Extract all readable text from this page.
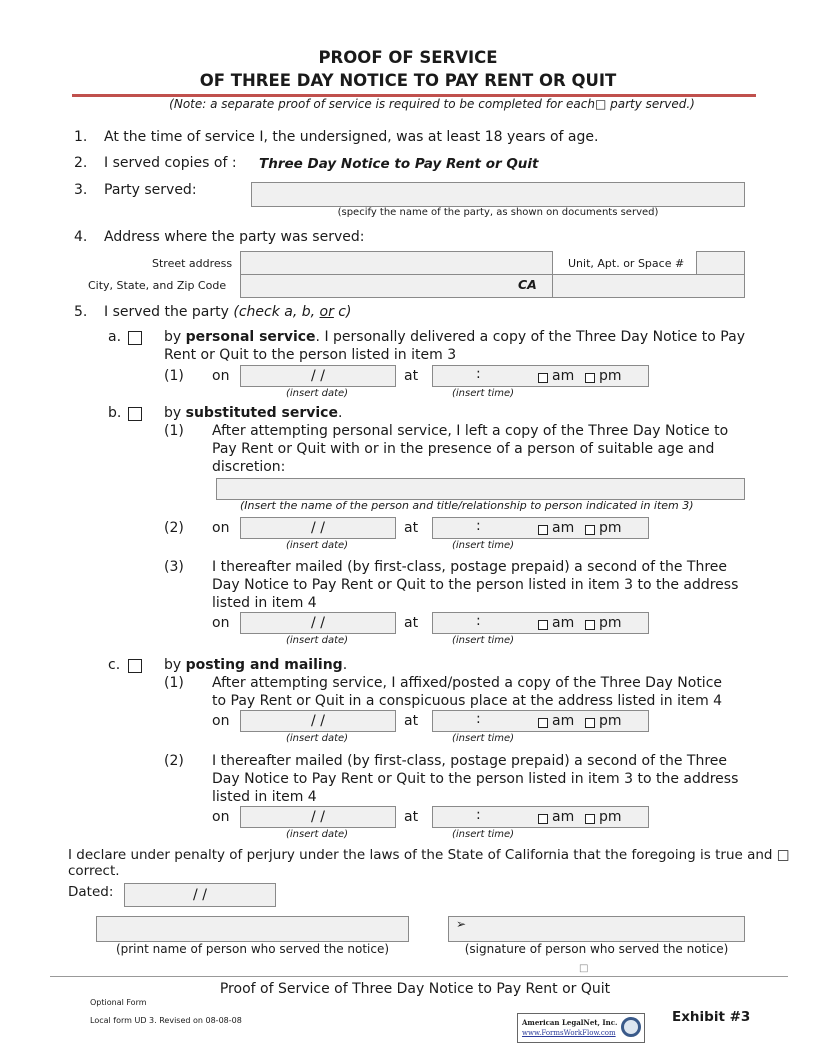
PROOF OF SERVICE
OF THREE DAY NOTICE TO PAY RENT OR QUIT
(Note: a separate proof of service is required to be completed for each□ party served.)
1. At the time of service I, the undersigned, was at least 18 years of age.
2. I served copies of : Three Day Notice to Pay Rent or Quit
3. Party served:
(specify the name of the party, as shown on documents served)
4. Address where the party was served:
Street address	Unit, Apt. or Space #
City, State, and Zip Code	CA
5. I served the party (check a, b, or c)
a.	by personal service. I personally delivered a copy of the Three Day Notice to Pay
Rent or Quit to the person listed in item 3
(1) on	/ /	at	:	am pm
(insert date)	(insert time)
b.	by substituted service.
(1) After attempting personal service, I left a copy of the Three Day Notice to
Pay Rent or Quit with or in the presence of a person of suitable age and
discretion:
(Insert the name of the person and title/relationship to person indicated in item 3)
(2) on	/ /	at	:	am pm
(insert date)	(insert time)
(3) I thereafter mailed (by first-class, postage prepaid) a second of the Three
Day Notice to Pay Rent or Quit to the person listed in item 3 to the address
listed in item 4
on	/ /	at	:	am pm
(insert date)	(insert time)
c.	by posting and mailing.
(1) After attempting service, I affixed/posted a copy of the Three Day Notice
to Pay Rent or Quit in a conspicuous place at the address listed in item 4
on	/ /	at	:	am pm
(insert date)	(insert time)
(2) I thereafter mailed (by first-class, postage prepaid) a second of the Three
Day Notice to Pay Rent or Quit to the person listed in item 3 to the address
listed in item 4
on	/ /	at	:	am pm
(insert date)	(insert time)
I declare under penalty of perjury under the laws of the State of California that the foregoing is true and □
correct.
Dated:	/ /
(print name of person who served the notice)
➢
(signature of person who served the notice)
□
Proof of Service of Three Day Notice to Pay Rent or Quit
Optional Form
Local form UD 3. Revised on 08-08-08	Exhibit #3
American LegalNet, Inc.
www.FormsWorkFlow.com
